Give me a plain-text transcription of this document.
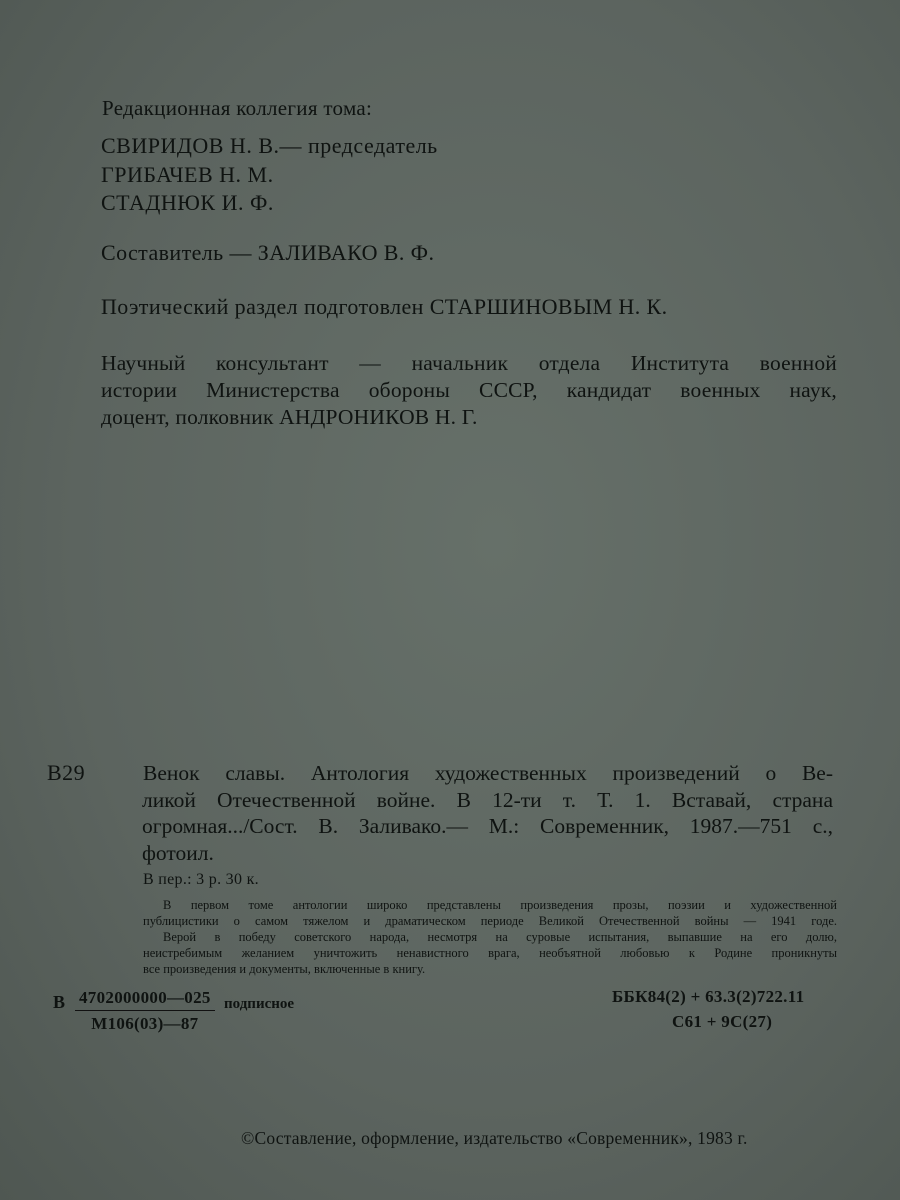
Редакционная коллегия тома:
СВИРИДОВ Н. В.— председатель
ГРИБАЧЕВ Н. М.
СТАДНЮК И. Ф.
Составитель — ЗАЛИВАКО В. Ф.
Поэтический раздел подготовлен СТАРШИНОВЫМ Н. К.
Научный консультант — начальник отдела Института военной
истории Министерства обороны СССР, кандидат военных наук,
доцент, полковник АНДРОНИКОВ Н. Г.
В29	Венок славы. Антология художественных произведений о Ве-
ликой Отечественной войне. В 12-ти т. Т. 1. Вставай, страна
огромная.../Сост. В. Заливако.— М.: Современник, 1987.—751 с.,
фотоил.
В пер.: 3 р. 30 к.
В первом томе антологии широко представлены произведения прозы, поэзии и художественной
публицистики о самом тяжелом и драматическом периоде Великой Отечественной войны — 1941 годе.
Верой в победу советского народа, несмотря на суровые испытания, выпавшие на его долю,
неистребимым желанием уничтожить ненавистного врага, необъятной любовью к Родине проникнуты
все произведения и документы, включенные в книгу.
В 4702000000—025
М106(03)—87
подписное	ББК84(2) + 63.3(2)722.11
С61 + 9С(27)
©Составление, оформление, издательство «Современник», 1983 г.
